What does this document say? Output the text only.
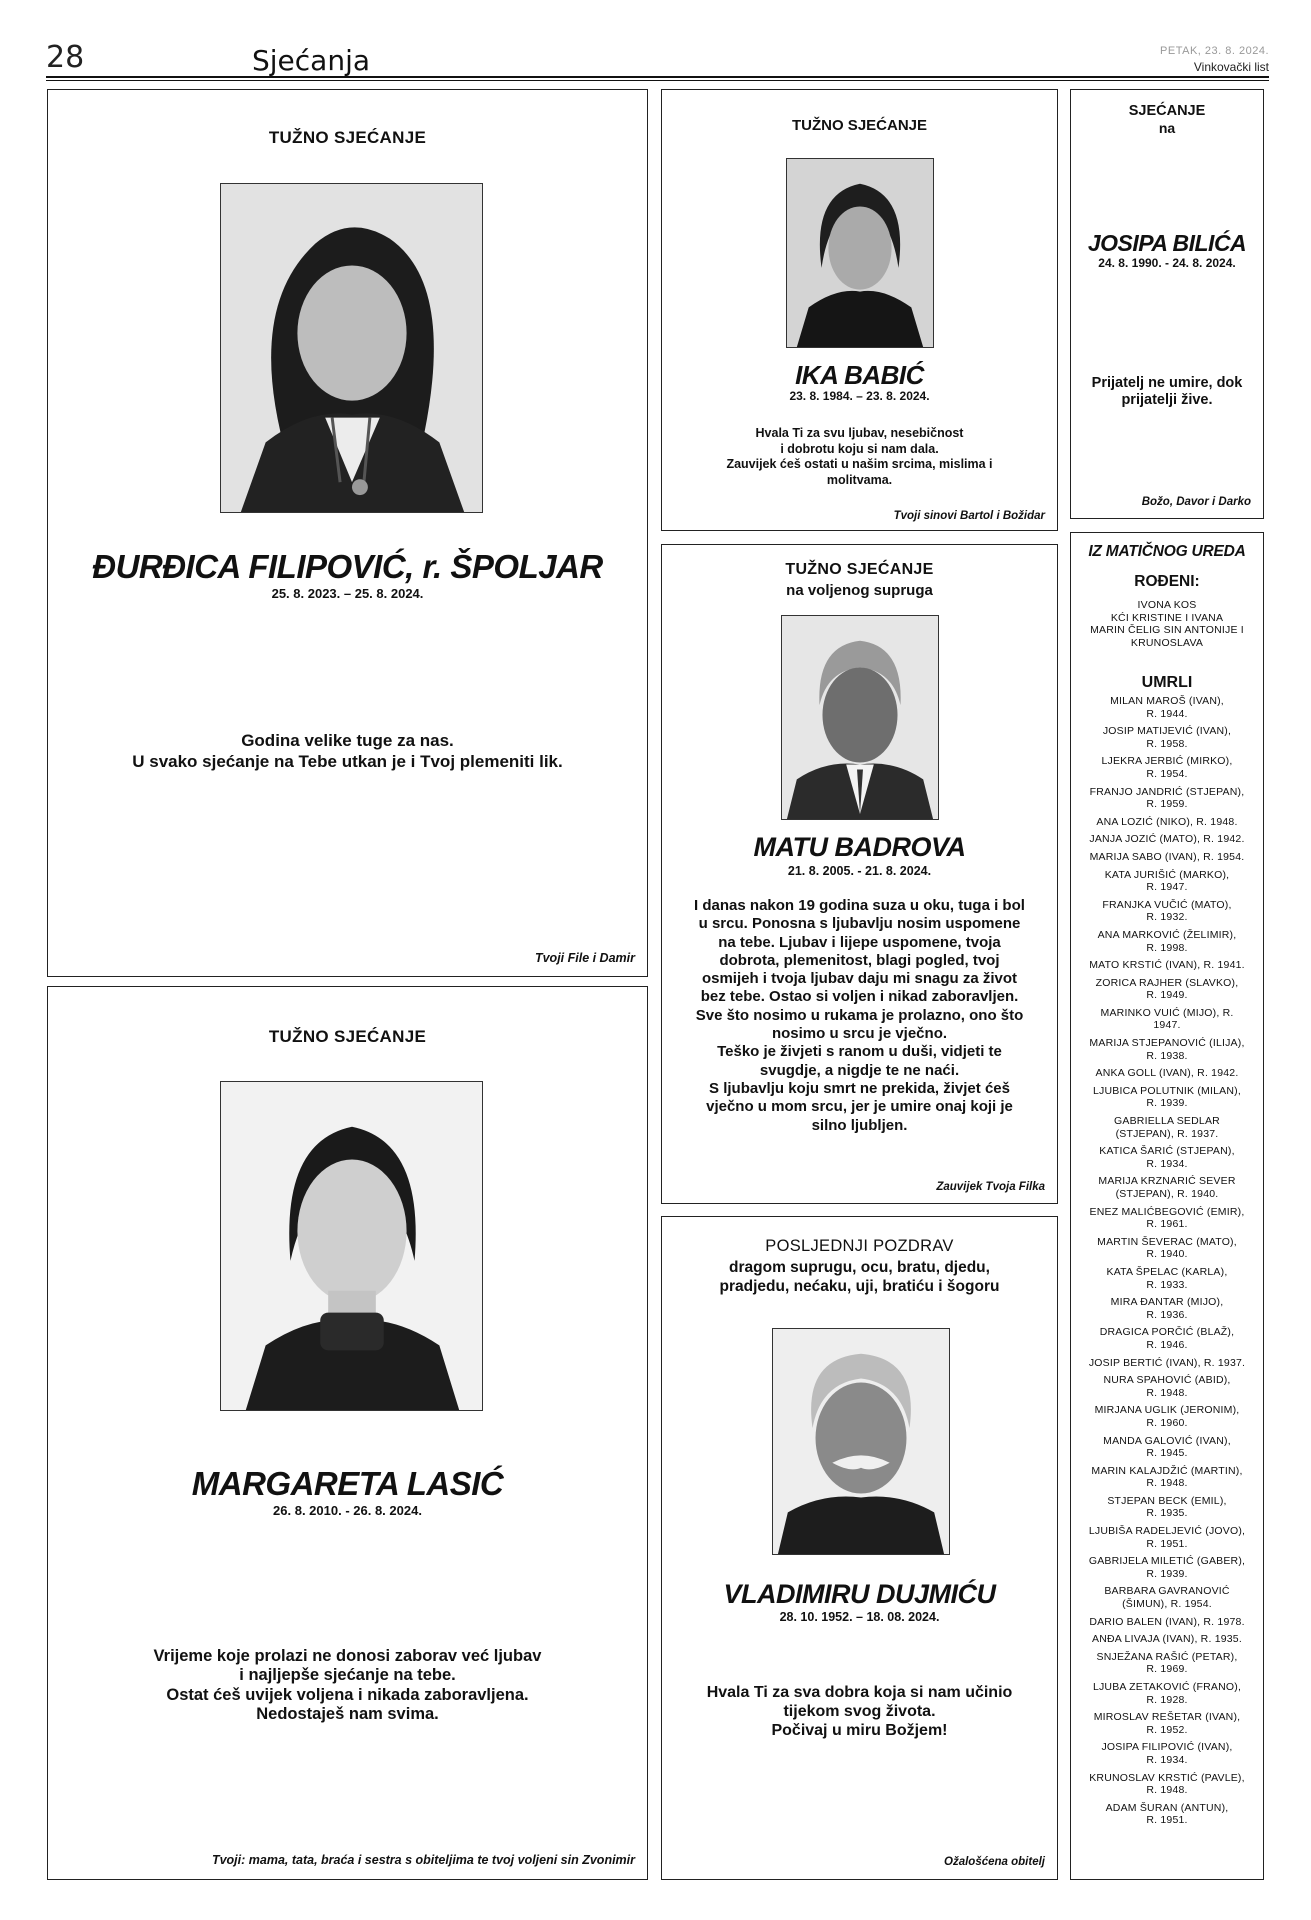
28	Sjećanja	PETAK, 23. 8. 2024.
Vinkovački list
TUŽNO SJEĆANJE
ĐURĐICA FILIPOVIĆ, r. ŠPOLJAR
25. 8. 2023. – 25. 8. 2024.
Godina velike tuge za nas.
U svako sjećanje na Tebe utkan je i Tvoj plemeniti lik.
Tvoji File i Damir
TUŽNO SJEĆANJE
MARGARETA LASIĆ
26. 8. 2010. - 26. 8. 2024.
Vrijeme koje prolazi ne donosi zaborav već ljubav
i najljepše sjećanje na tebe.
Ostat ćeš uvijek voljena i nikada zaboravljena.
Nedostaješ nam svima.
Tvoji: mama, tata, braća i sestra s obiteljima te tvoj voljeni sin Zvonimir
TUŽNO SJEĆANJE
IKA BABIĆ
23. 8. 1984. – 23. 8. 2024.
Hvala Ti za svu ljubav, nesebičnost
i dobrotu koju si nam dala.
Zauvijek ćeš ostati u našim srcima, mislima i
molitvama.
Tvoji sinovi Bartol i Božidar
TUŽNO SJEĆANJE
na voljenog supruga
MATU BADROVA
21. 8. 2005. - 21. 8. 2024.
I danas nakon 19 godina suza u oku, tuga i bol
u srcu. Ponosna s ljubavlju nosim uspomene
na tebe. Ljubav i lijepe uspomene, tvoja
dobrota, plemenitost, blagi pogled, tvoj
osmijeh i tvoja ljubav daju mi snagu za život
bez tebe. Ostao si voljen i nikad zaboravljen.
Sve što nosimo u rukama je prolazno, ono što
nosimo u srcu je vječno.
Teško je živjeti s ranom u duši, vidjeti te
svugdje, a nigdje te ne naći.
S ljubavlju koju smrt ne prekida, živjet ćeš
vječno u mom srcu, jer je umire onaj koji je
silno ljubljen.
Zauvijek Tvoja Filka
POSLJEDNJI POZDRAV
dragom suprugu, ocu, bratu, djedu,
pradjedu, nećaku, uji, bratiću i šogoru
VLADIMIRU DUJMIĆU
28. 10. 1952. – 18. 08. 2024.
Hvala Ti za sva dobra koja si nam učinio
tijekom svog života.
Počivaj u miru Božjem!
Ožalošćena obitelj
SJEĆANJE
na
JOSIPA BILIĆA
24. 8. 1990. - 24. 8. 2024.
Prijatelj ne umire, dok
prijatelji žive.
Božo, Davor i Darko
IZ MATIČNOG UREDA
ROĐENI:
IVONA KOS
KĆI KRISTINE I IVANA
MARIN ČELIG SIN ANTONIJE I
KRUNOSLAVA
UMRLI
MILAN MAROŠ (IVAN),
R. 1944.
JOSIP MATIJEVIĆ (IVAN),
R. 1958.
LJEKRA JERBIĆ (MIRKO),
R. 1954.
FRANJO JANDRIĆ (STJEPAN),
R. 1959.
ANA LOZIĆ (NIKO), R. 1948.
JANJA JOZIĆ (MATO), R. 1942.
MARIJA SABO (IVAN), R. 1954.
KATA JURIŠIĆ (MARKO),
R. 1947.
FRANJKA VUČIĆ (MATO),
R. 1932.
ANA MARKOVIĆ (ŽELIMIR),
R. 1998.
MATO KRSTIĆ (IVAN), R. 1941.
ZORICA RAJHER (SLAVKO),
R. 1949.
MARINKO VUIĆ (MIJO), R.
1947.
MARIJA STJEPANOVIĆ (ILIJA),
R. 1938.
ANKA GOLL (IVAN), R. 1942.
LJUBICA POLUTNIK (MILAN),
R. 1939.
GABRIELLA SEDLAR
(STJEPAN), R. 1937.
KATICA ŠARIĆ (STJEPAN),
R. 1934.
MARIJA KRZNARIĆ SEVER
(STJEPAN), R. 1940.
ENEZ MALIĆBEGOVIĆ (EMIR),
R. 1961.
MARTIN ŠEVERAC (MATO),
R. 1940.
KATA ŠPELAC (KARLA),
R. 1933.
MIRA ĐANTAR (MIJO),
R. 1936.
DRAGICA PORČIĆ (BLAŽ),
R. 1946.
JOSIP BERTIĆ (IVAN), R. 1937.
NURA SPAHOVIĆ (ABID),
R. 1948.
MIRJANA UGLIK (JERONIM),
R. 1960.
MANDA GALOVIĆ (IVAN),
R. 1945.
MARIN KALAJDŽIĆ (MARTIN),
R. 1948.
STJEPAN BECK (EMIL),
R. 1935.
LJUBIŠA RADELJEVIĆ (JOVO),
R. 1951.
GABRIJELA MILETIĆ (GABER),
R. 1939.
BARBARA GAVRANOVIĆ
(ŠIMUN), R. 1954.
DARIO BALEN (IVAN), R. 1978.
ANĐA LIVAJA (IVAN), R. 1935.
SNJEŽANA RAŠIĆ (PETAR),
R. 1969.
LJUBA ZETAKOVIĆ (FRANO),
R. 1928.
MIROSLAV REŠETAR (IVAN),
R. 1952.
JOSIPA FILIPOVIĆ (IVAN),
R. 1934.
KRUNOSLAV KRSTIĆ (PAVLE),
R. 1948.
ADAM ŠURAN (ANTUN),
R. 1951.
